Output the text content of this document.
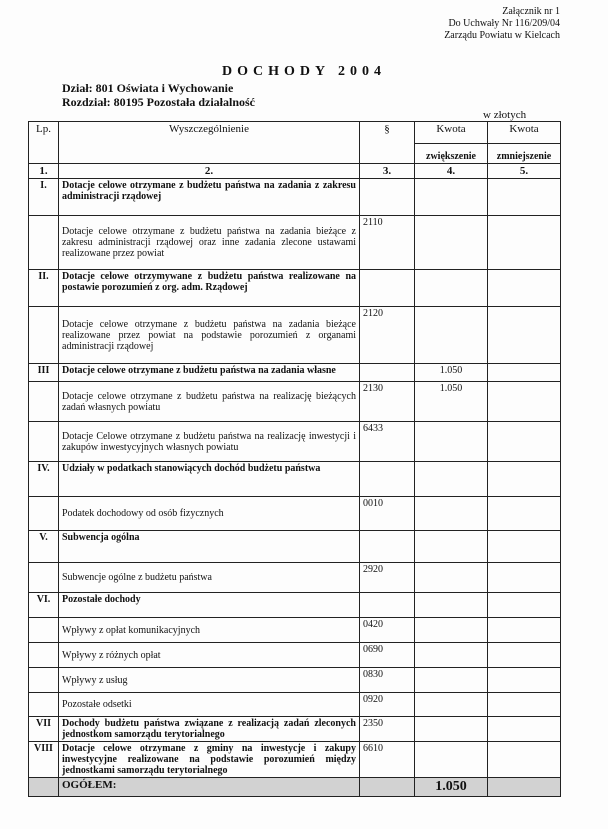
Załącznik nr 1
Do Uchwały Nr 116/209/04
Zarządu Powiatu w Kielcach
DOCHODY 2004
Dział: 801 Oświata i Wychowanie
Rozdział: 80195 Pozostała działalność
w złotych
Lp.	Wyszczególnienie	§	Kwota	Kwota
			zwiększenie	zmniejszenie
1.	2.	3.	4.	5.
I.	Dotacje celowe otrzymane z budżetu państwa na zadania z zakresu administracji rządowej			
	Dotacje celowe otrzymane z budżetu państwa na zadania bieżące z zakresu administracji rządowej oraz inne zadania zlecone ustawami realizowane przez powiat	2110		
II.	Dotacje celowe otrzymywane z budżetu państwa realizowane na postawie porozumień z org. adm. Rządowej			
	Dotacje celowe otrzymane z budżetu państwa na zadania bieżące realizowane przez powiat na podstawie porozumień z organami administracji rządowej	2120		
III	Dotacje celowe otrzymane z budżetu państwa na zadania własne		1.050	
	Dotacje celowe otrzymane z budżetu państwa na realizację bieżących zadań własnych powiatu	2130	1.050	
	Dotacje Celowe otrzymane z budżetu państwa na realizację inwestycji i zakupów inwestycyjnych własnych powiatu	6433		
IV.	Udziały w podatkach stanowiących dochód budżetu państwa			
	Podatek dochodowy od osób fizycznych	0010		
V.	Subwencja ogólna			
	Subwencje ogólne z budżetu państwa	2920		
VI.	Pozostałe dochody			
	Wpływy z opłat komunikacyjnych	0420		
	Wpływy z różnych opłat	0690		
	Wpływy z usług	0830		
	Pozostałe odsetki	0920		
VII	Dochody budżetu państwa związane z realizacją zadań zleconych jednostkom samorządu terytorialnego	2350		
VIII	Dotacje celowe otrzymane z gminy na inwestycje i zakupy inwestycyjne realizowane na podstawie porozumień między jednostkami samorządu terytorialnego	6610		
	OGÓŁEM:		1.050	
